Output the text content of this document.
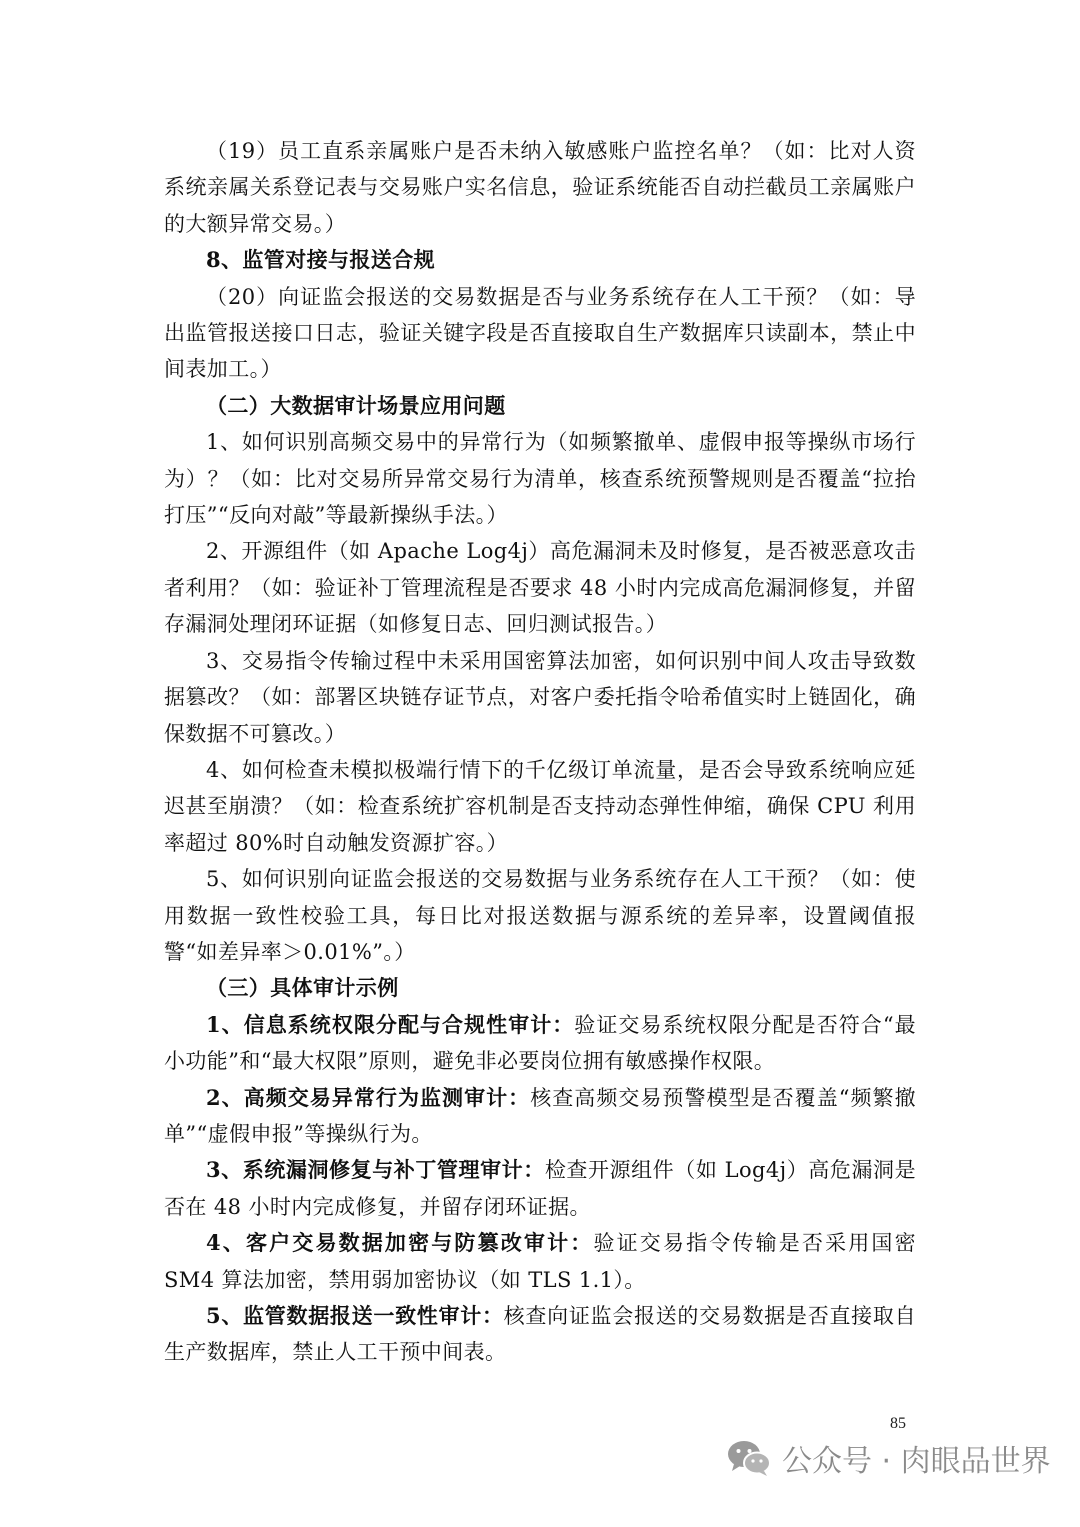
（19）员工直系亲属账户是否未纳入敏感账户监控名单？（如：比对人资系统亲属关系登记表与交易账户实名信息，验证系统能否自动拦截员工亲属账户的大额异常交易。）

8、监管对接与报送合规

（20）向证监会报送的交易数据是否与业务系统存在人工干预？（如：导出监管报送接口日志，验证关键字段是否直接取自生产数据库只读副本，禁止中间表加工。）

（二）大数据审计场景应用问题

1、如何识别高频交易中的异常行为（如频繁撤单、虚假申报等操纵市场行为）？（如：比对交易所异常交易行为清单，核查系统预警规则是否覆盖“拉抬打压”“反向对敲”等最新操纵手法。）

2、开源组件（如 Apache Log4j）高危漏洞未及时修复，是否被恶意攻击者利用？（如：验证补丁管理流程是否要求 48 小时内完成高危漏洞修复，并留存漏洞处理闭环证据（如修复日志、回归测试报告。）

3、交易指令传输过程中未采用国密算法加密，如何识别中间人攻击导致数据篡改？（如：部署区块链存证节点，对客户委托指令哈希值实时上链固化，确保数据不可篡改。）

4、如何检查未模拟极端行情下的千亿级订单流量，是否会导致系统响应延迟甚至崩溃？（如：检查系统扩容机制是否支持动态弹性伸缩，确保 CPU 利用率超过 80%时自动触发资源扩容。）

5、如何识别向证监会报送的交易数据与业务系统存在人工干预？（如：使用数据一致性校验工具，每日比对报送数据与源系统的差异率，设置阈值报警“如差异率＞0.01%”。）

（三）具体审计示例

1、信息系统权限分配与合规性审计：验证交易系统权限分配是否符合“最小功能”和“最大权限”原则，避免非必要岗位拥有敏感操作权限。

2、高频交易异常行为监测审计：核查高频交易预警模型是否覆盖“频繁撤单”“虚假申报”等操纵行为。

3、系统漏洞修复与补丁管理审计：检查开源组件（如 Log4j）高危漏洞是否在 48 小时内完成修复，并留存闭环证据。

4、客户交易数据加密与防篡改审计：验证交易指令传输是否采用国密 SM4 算法加密，禁用弱加密协议（如 TLS 1.1）。

5、监管数据报送一致性审计：核查向证监会报送的交易数据是否直接取自生产数据库，禁止人工干预中间表。

85
公众号 · 肉眼品世界
